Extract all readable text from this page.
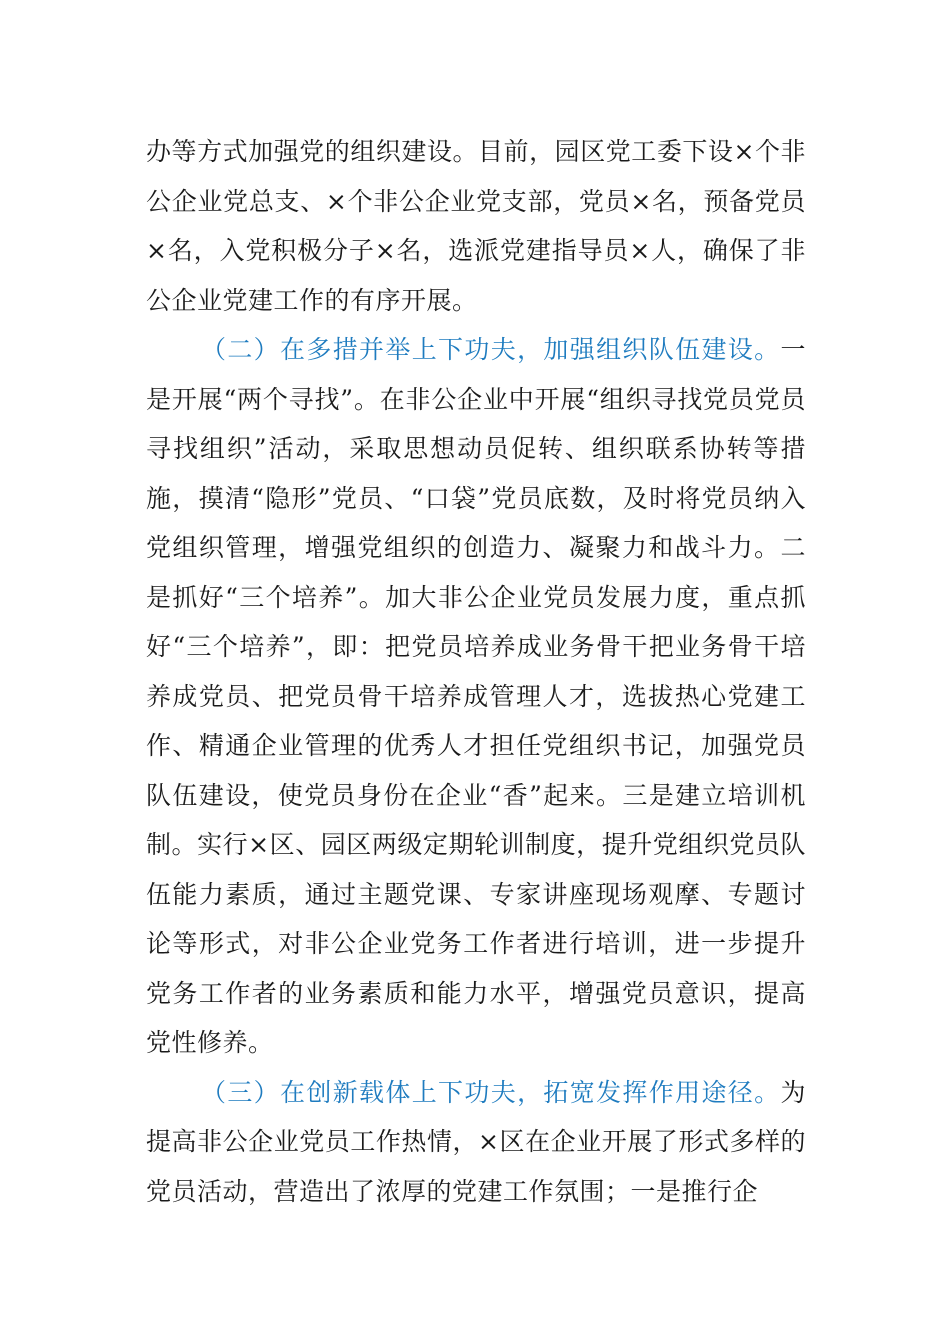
办等方式加强党的组织建设。目前，园区党工委下设×个非公企业党总支、×个非公企业党支部，党员×名，预备党员×名，入党积极分子×名，选派党建指导员×人，确保了非公企业党建工作的有序开展。

（二）在多措并举上下功夫，加强组织队伍建设。一是开展“两个寻找”。在非公企业中开展“组织寻找党员党员寻找组织”活动，采取思想动员促转、组织联系协转等措施，摸清“隐形”党员、“口袋”党员底数，及时将党员纳入党组织管理，增强党组织的创造力、凝聚力和战斗力。二是抓好“三个培养”。加大非公企业党员发展力度，重点抓好“三个培养”，即：把党员培养成业务骨干把业务骨干培养成党员、把党员骨干培养成管理人才，选拔热心党建工作、精通企业管理的优秀人才担任党组织书记，加强党员队伍建设，使党员身份在企业“香”起来。三是建立培训机制。实行×区、园区两级定期轮训制度，提升党组织党员队伍能力素质，通过主题党课、专家讲座现场观摩、专题讨论等形式，对非公企业党务工作者进行培训，进一步提升党务工作者的业务素质和能力水平，增强党员意识，提高党性修养。

（三）在创新载体上下功夫，拓宽发挥作用途径。为提高非公企业党员工作热情，×区在企业开展了形式多样的党员活动，营造出了浓厚的党建工作氛围；一是推行企
